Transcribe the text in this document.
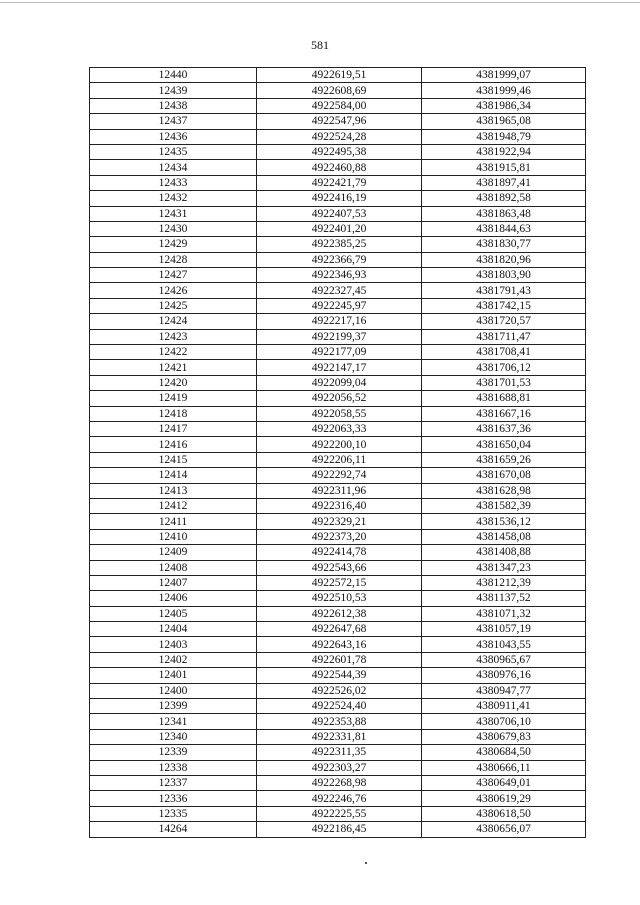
581
12440	4922619,51	4381999,07
12439	4922608,69	4381999,46
12438	4922584,00	4381986,34
12437	4922547,96	4381965,08
12436	4922524,28	4381948,79
12435	4922495,38	4381922,94
12434	4922460,88	4381915,81
12433	4922421,79	4381897,41
12432	4922416,19	4381892,58
12431	4922407,53	4381863,48
12430	4922401,20	4381844,63
12429	4922385,25	4381830,77
12428	4922366,79	4381820,96
12427	4922346,93	4381803,90
12426	4922327,45	4381791,43
12425	4922245,97	4381742,15
12424	4922217,16	4381720,57
12423	4922199,37	4381711,47
12422	4922177,09	4381708,41
12421	4922147,17	4381706,12
12420	4922099,04	4381701,53
12419	4922056,52	4381688,81
12418	4922058,55	4381667,16
12417	4922063,33	4381637,36
12416	4922200,10	4381650,04
12415	4922206,11	4381659,26
12414	4922292,74	4381670,08
12413	4922311,96	4381628,98
12412	4922316,40	4381582,39
12411	4922329,21	4381536,12
12410	4922373,20	4381458,08
12409	4922414,78	4381408,88
12408	4922543,66	4381347,23
12407	4922572,15	4381212,39
12406	4922510,53	4381137,52
12405	4922612,38	4381071,32
12404	4922647,68	4381057,19
12403	4922643,16	4381043,55
12402	4922601,78	4380965,67
12401	4922544,39	4380976,16
12400	4922526,02	4380947,77
12399	4922524,40	4380911,41
12341	4922353,88	4380706,10
12340	4922331,81	4380679,83
12339	4922311,35	4380684,50
12338	4922303,27	4380666,11
12337	4922268,98	4380649,01
12336	4922246,76	4380619,29
12335	4922225,55	4380618,50
14264	4922186,45	4380656,07
